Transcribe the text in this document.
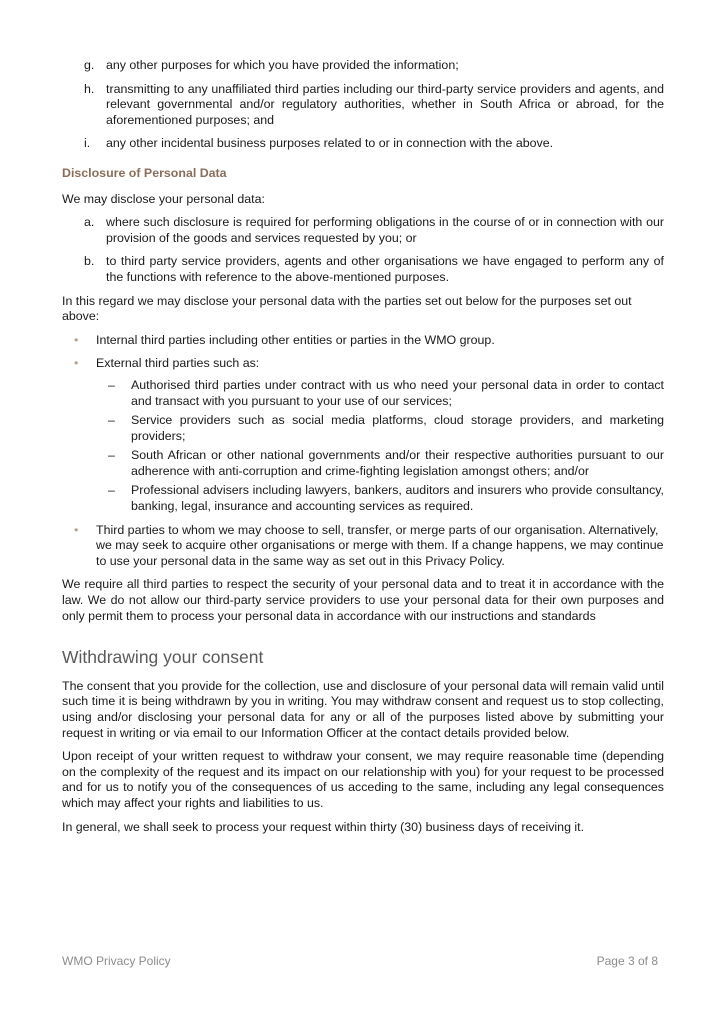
g. any other purposes for which you have provided the information;
h. transmitting to any unaffiliated third parties including our third-party service providers and agents, and relevant governmental and/or regulatory authorities, whether in South Africa or abroad, for the aforementioned purposes; and
i. any other incidental business purposes related to or in connection with the above.
Disclosure of Personal Data

We may disclose your personal data:

a. where such disclosure is required for performing obligations in the course of or in connection with our provision of the goods and services requested by you; or
b. to third party service providers, agents and other organisations we have engaged to perform any of the functions with reference to the above-mentioned purposes.

In this regard we may disclose your personal data with the parties set out below for the purposes set out above:

• Internal third parties including other entities or parties in the WMO group.
• External third parties such as:
– Authorised third parties under contract with us who need your personal data in order to contact and transact with you pursuant to your use of our services;
– Service providers such as social media platforms, cloud storage providers, and marketing providers;
– South African or other national governments and/or their respective authorities pursuant to our adherence with anti-corruption and crime-fighting legislation amongst others; and/or
– Professional advisers including lawyers, bankers, auditors and insurers who provide consultancy, banking, legal, insurance and accounting services as required.
• Third parties to whom we may choose to sell, transfer, or merge parts of our organisation. Alternatively, we may seek to acquire other organisations or merge with them. If a change happens, we may continue to use your personal data in the same way as set out in this Privacy Policy.

We require all third parties to respect the security of your personal data and to treat it in accordance with the law. We do not allow our third-party service providers to use your personal data for their own purposes and only permit them to process your personal data in accordance with our instructions and standards

Withdrawing your consent

The consent that you provide for the collection, use and disclosure of your personal data will remain valid until such time it is being withdrawn by you in writing. You may withdraw consent and request us to stop collecting, using and/or disclosing your personal data for any or all of the purposes listed above by submitting your request in writing or via email to our Information Officer at the contact details provided below.

Upon receipt of your written request to withdraw your consent, we may require reasonable time (depending on the complexity of the request and its impact on our relationship with you) for your request to be processed and for us to notify you of the consequences of us acceding to the same, including any legal consequences which may affect your rights and liabilities to us.

In general, we shall seek to process your request within thirty (30) business days of receiving it.

WMO Privacy Policy	Page 3 of 8
